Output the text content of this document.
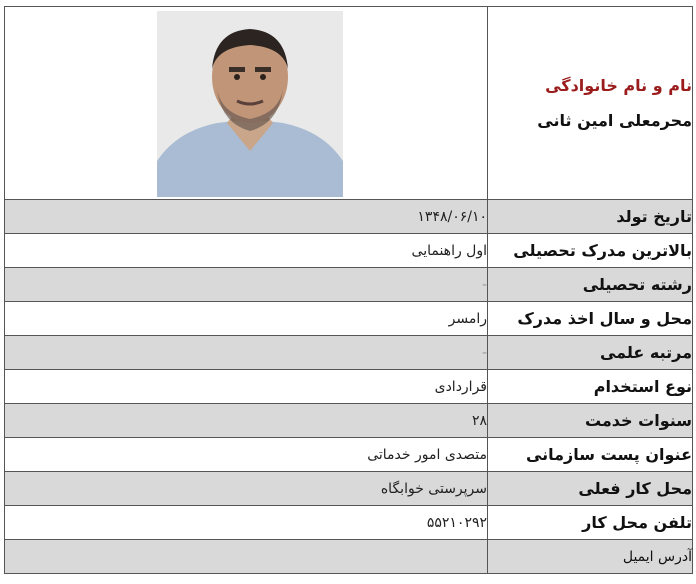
نام و نام خانوادگی
محرمعلی امین ثانی

تاریخ تولد	۱۳۴۸/۰۶/۱۰
بالاترین مدرک تحصیلی	اول راهنمایی
رشته تحصیلی	-
محل و سال اخذ مدرک	رامسر
مرتبه علمی	-
نوع استخدام	قراردادی
سنوات خدمت	۲۸
عنوان پست سازمانی	متصدی امور خدماتی
محل کار فعلی	سرپرستی خوابگاه
تلفن محل کار	۵۵۲۱۰۲۹۲
آدرس ایمیل	
